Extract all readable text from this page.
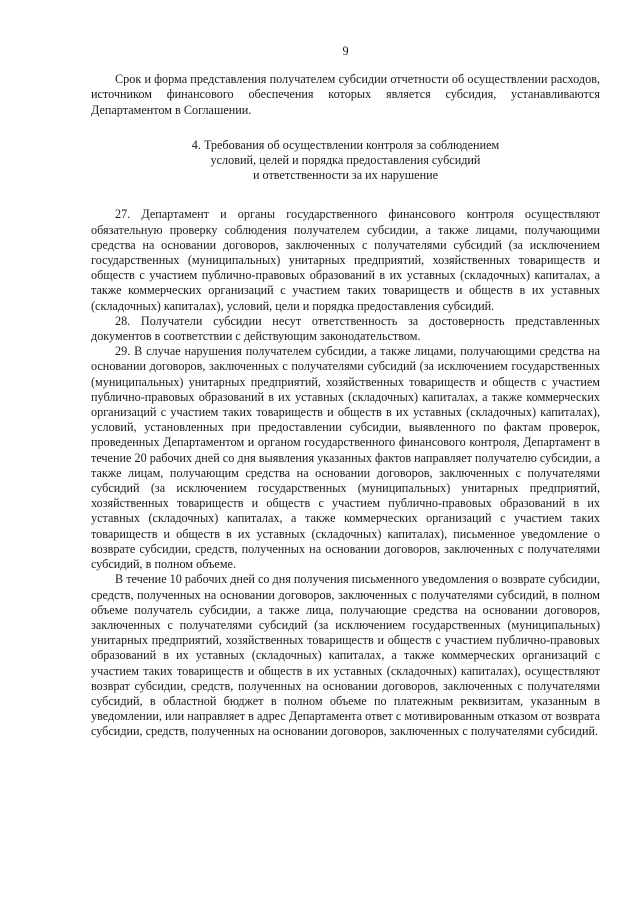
9

Срок и форма представления получателем субсидии отчетности об осуществлении расходов, источником финансового обеспечения которых является субсидия, устанавливаются Департаментом в Соглашении.

4. Требования об осуществлении контроля за соблюдением
условий, целей и порядка предоставления субсидий
и ответственности за их нарушение

27. Департамент и органы государственного финансового контроля осуществляют обязательную проверку соблюдения получателем субсидии, а также лицами, получающими средства на основании договоров, заключенных с получателями субсидий (за исключением государственных (муниципальных) унитарных предприятий, хозяйственных товариществ и обществ с участием публично-правовых образований в их уставных (складочных) капиталах, а также коммерческих организаций с участием таких товариществ и обществ в их уставных (складочных) капиталах), условий, цели и порядка предоставления субсидий.

28. Получатели субсидии несут ответственность за достоверность представленных документов в соответствии с действующим законодательством.

29. В случае нарушения получателем субсидии, а также лицами, получающими средства на основании договоров, заключенных с получателями субсидий (за исключением государственных (муниципальных) унитарных предприятий, хозяйственных товариществ и обществ с участием публично-правовых образований в их уставных (складочных) капиталах, а также коммерческих организаций с участием таких товариществ и обществ в их уставных (складочных) капиталах), условий, установленных при предоставлении субсидии, выявленного по фактам проверок, проведенных Департаментом и органом государственного финансового контроля, Департамент в течение 20 рабочих дней со дня выявления указанных фактов направляет получателю субсидии, а также лицам, получающим средства на основании договоров, заключенных с получателями субсидий (за исключением государственных (муниципальных) унитарных предприятий, хозяйственных товариществ и обществ с участием публично-правовых образований в их уставных (складочных) капиталах, а также коммерческих организаций с участием таких товариществ и обществ в их уставных (складочных) капиталах), письменное уведомление о возврате субсидии, средств, полученных на основании договоров, заключенных с получателями субсидий, в полном объеме.

В течение 10 рабочих дней со дня получения письменного уведомления о возврате субсидии, средств, полученных на основании договоров, заключенных с получателями субсидий, в полном объеме получатель субсидии, а также лица, получающие средства на основании договоров, заключенных с получателями субсидий (за исключением государственных (муниципальных) унитарных предприятий, хозяйственных товариществ и обществ с участием публично-правовых образований в их уставных (складочных) капиталах, а также коммерческих организаций с участием таких товариществ и обществ в их уставных (складочных) капиталах), осуществляют возврат субсидии, средств, полученных на основании договоров, заключенных с получателями субсидий, в областной бюджет в полном объеме по платежным реквизитам, указанным в уведомлении, или направляет в адрес Департамента ответ с мотивированным отказом от возврата субсидии, средств, полученных на основании договоров, заключенных с получателями субсидий.
